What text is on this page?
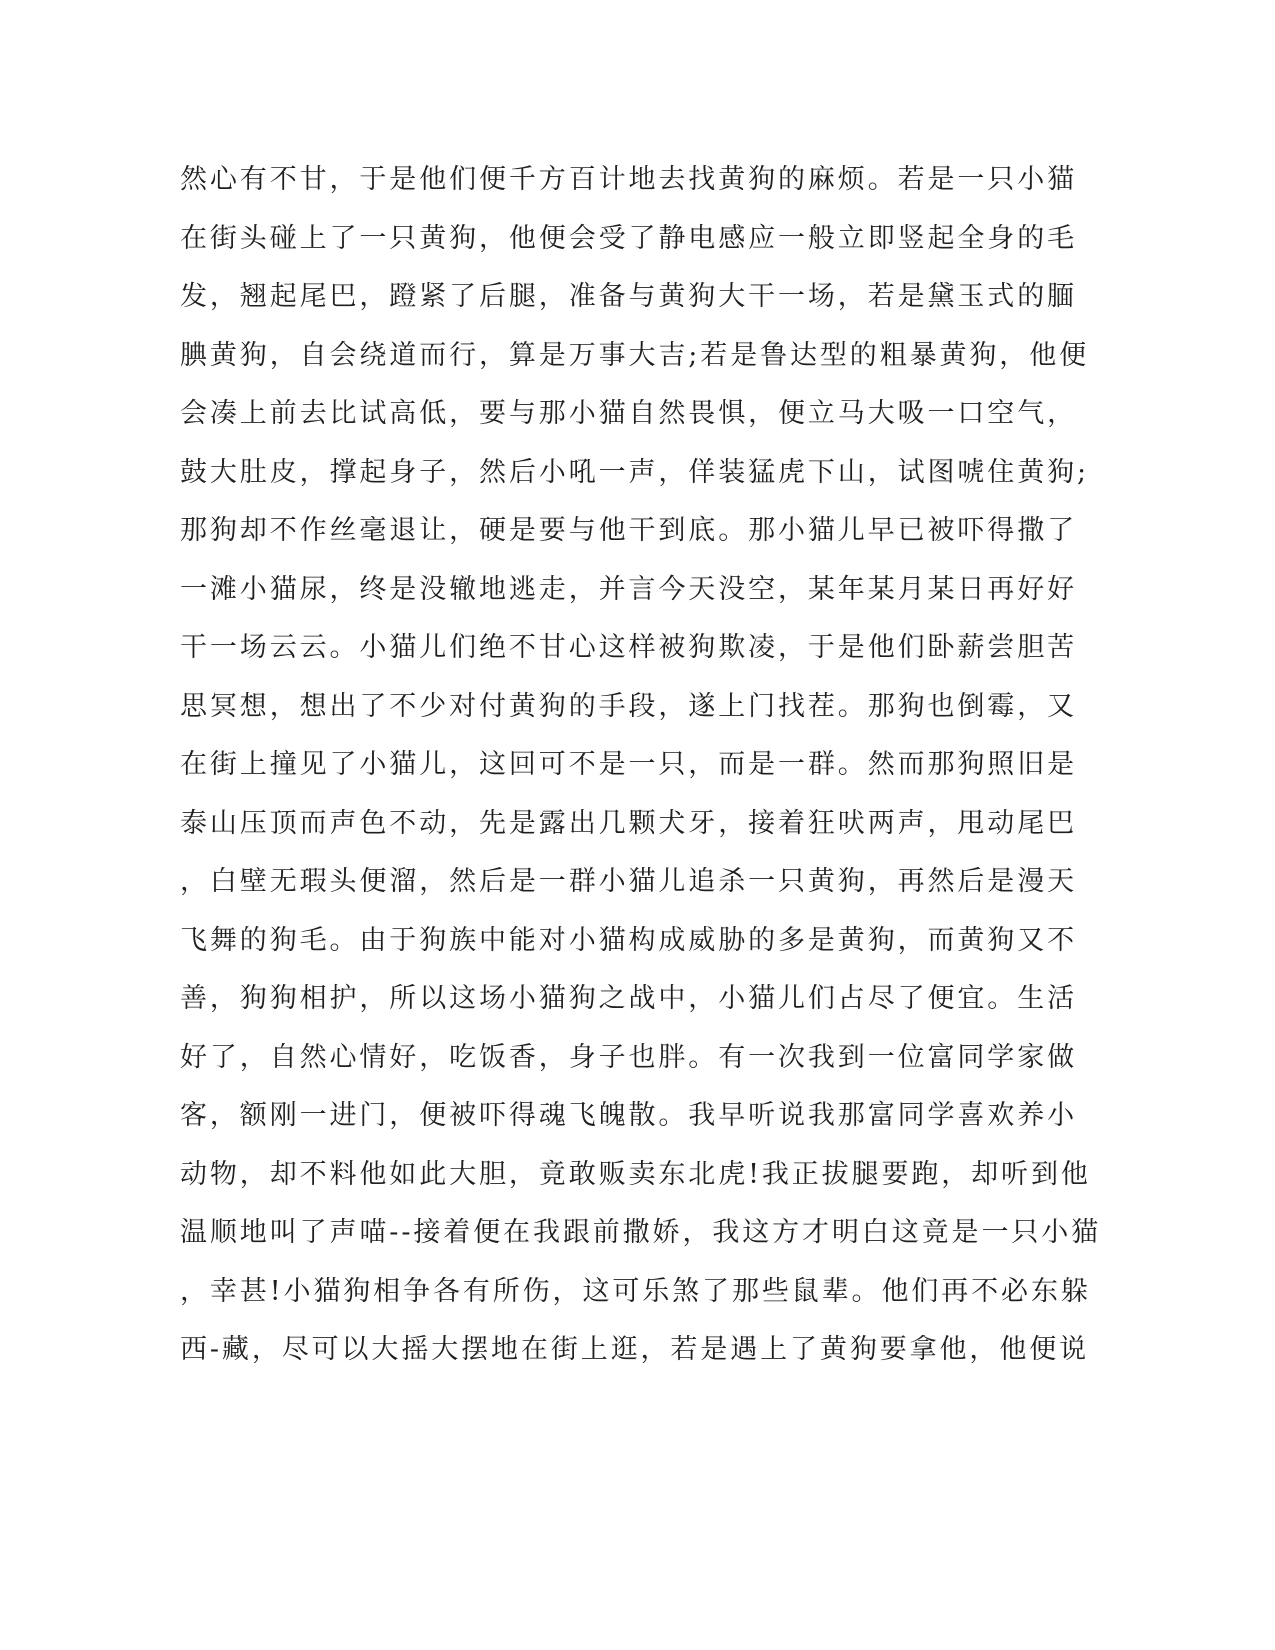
然心有不甘，于是他们便千方百计地去找黄狗的麻烦。若是一只小猫
在街头碰上了一只黄狗，他便会受了静电感应一般立即竖起全身的毛
发，翘起尾巴，蹬紧了后腿，准备与黄狗大干一场，若是黛玉式的腼
腆黄狗，自会绕道而行，算是万事大吉;若是鲁达型的粗暴黄狗，他便
会凑上前去比试高低，要与那小猫自然畏惧，便立马大吸一口空气，
鼓大肚皮，撑起身子，然后小吼一声，佯装猛虎下山，试图唬住黄狗;
那狗却不作丝毫退让，硬是要与他干到底。那小猫儿早已被吓得撒了
一滩小猫尿，终是没辙地逃走，并言今天没空，某年某月某日再好好
干一场云云。小猫儿们绝不甘心这样被狗欺凌，于是他们卧薪尝胆苦
思冥想，想出了不少对付黄狗的手段，遂上门找茬。那狗也倒霉，又
在街上撞见了小猫儿，这回可不是一只，而是一群。然而那狗照旧是
泰山压顶而声色不动，先是露出几颗犬牙，接着狂吠两声，甩动尾巴
，白壁无瑕头便溜，然后是一群小猫儿追杀一只黄狗，再然后是漫天
飞舞的狗毛。由于狗族中能对小猫构成威胁的多是黄狗，而黄狗又不
善，狗狗相护，所以这场小猫狗之战中，小猫儿们占尽了便宜。生活
好了，自然心情好，吃饭香，身子也胖。有一次我到一位富同学家做
客，额刚一进门，便被吓得魂飞魄散。我早听说我那富同学喜欢养小
动物，却不料他如此大胆，竟敢贩卖东北虎!我正拔腿要跑，却听到他
温顺地叫了声喵--接着便在我跟前撒娇，我这方才明白这竟是一只小猫
，幸甚!小猫狗相争各有所伤，这可乐煞了那些鼠辈。他们再不必东躲
西-藏，尽可以大摇大摆地在街上逛，若是遇上了黄狗要拿他，他便说
